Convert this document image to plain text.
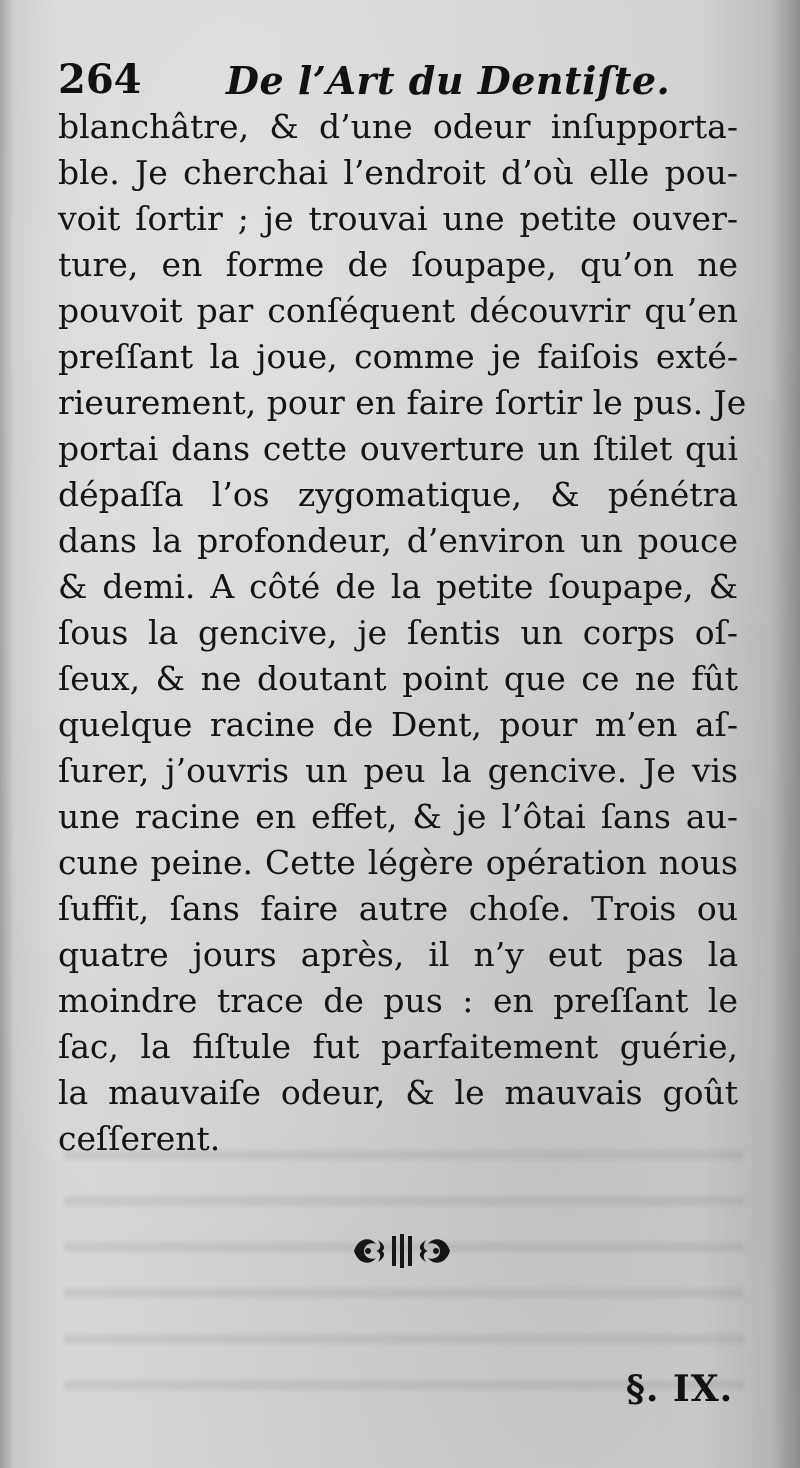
264 De l’Art du Dentiſte.
blanchâtre, & d’une odeur inſupporta-
ble. Je cherchai l’endroit d’où elle pou-
voit ſortir ; je trouvai une petite ouver-
ture, en forme de ſoupape, qu’on ne
pouvoit par conſéquent découvrir qu’en
preſſant la joue, comme je faiſois exté-
rieurement, pour en faire ſortir le pus. Je
portai dans cette ouverture un ſtilet qui
dépaſſa l’os zygomatique, & pénétra
dans la profondeur, d’environ un pouce
& demi. A côté de la petite ſoupape, &
ſous la gencive, je ſentis un corps oſ-
ſeux, & ne doutant point que ce ne fût
quelque racine de Dent, pour m’en aſ-
ſurer, j’ouvris un peu la gencive. Je vis
une racine en effet, & je l’ôtai ſans au-
cune peine. Cette légère opération nous
ſuffit, ſans faire autre choſe. Trois ou
quatre jours après, il n’y eut pas la
moindre trace de pus : en preſſant le
ſac, la fiſtule fut parfaitement guérie,
la mauvaiſe odeur, & le mauvais goût
ceſſerent.
§. IX.
